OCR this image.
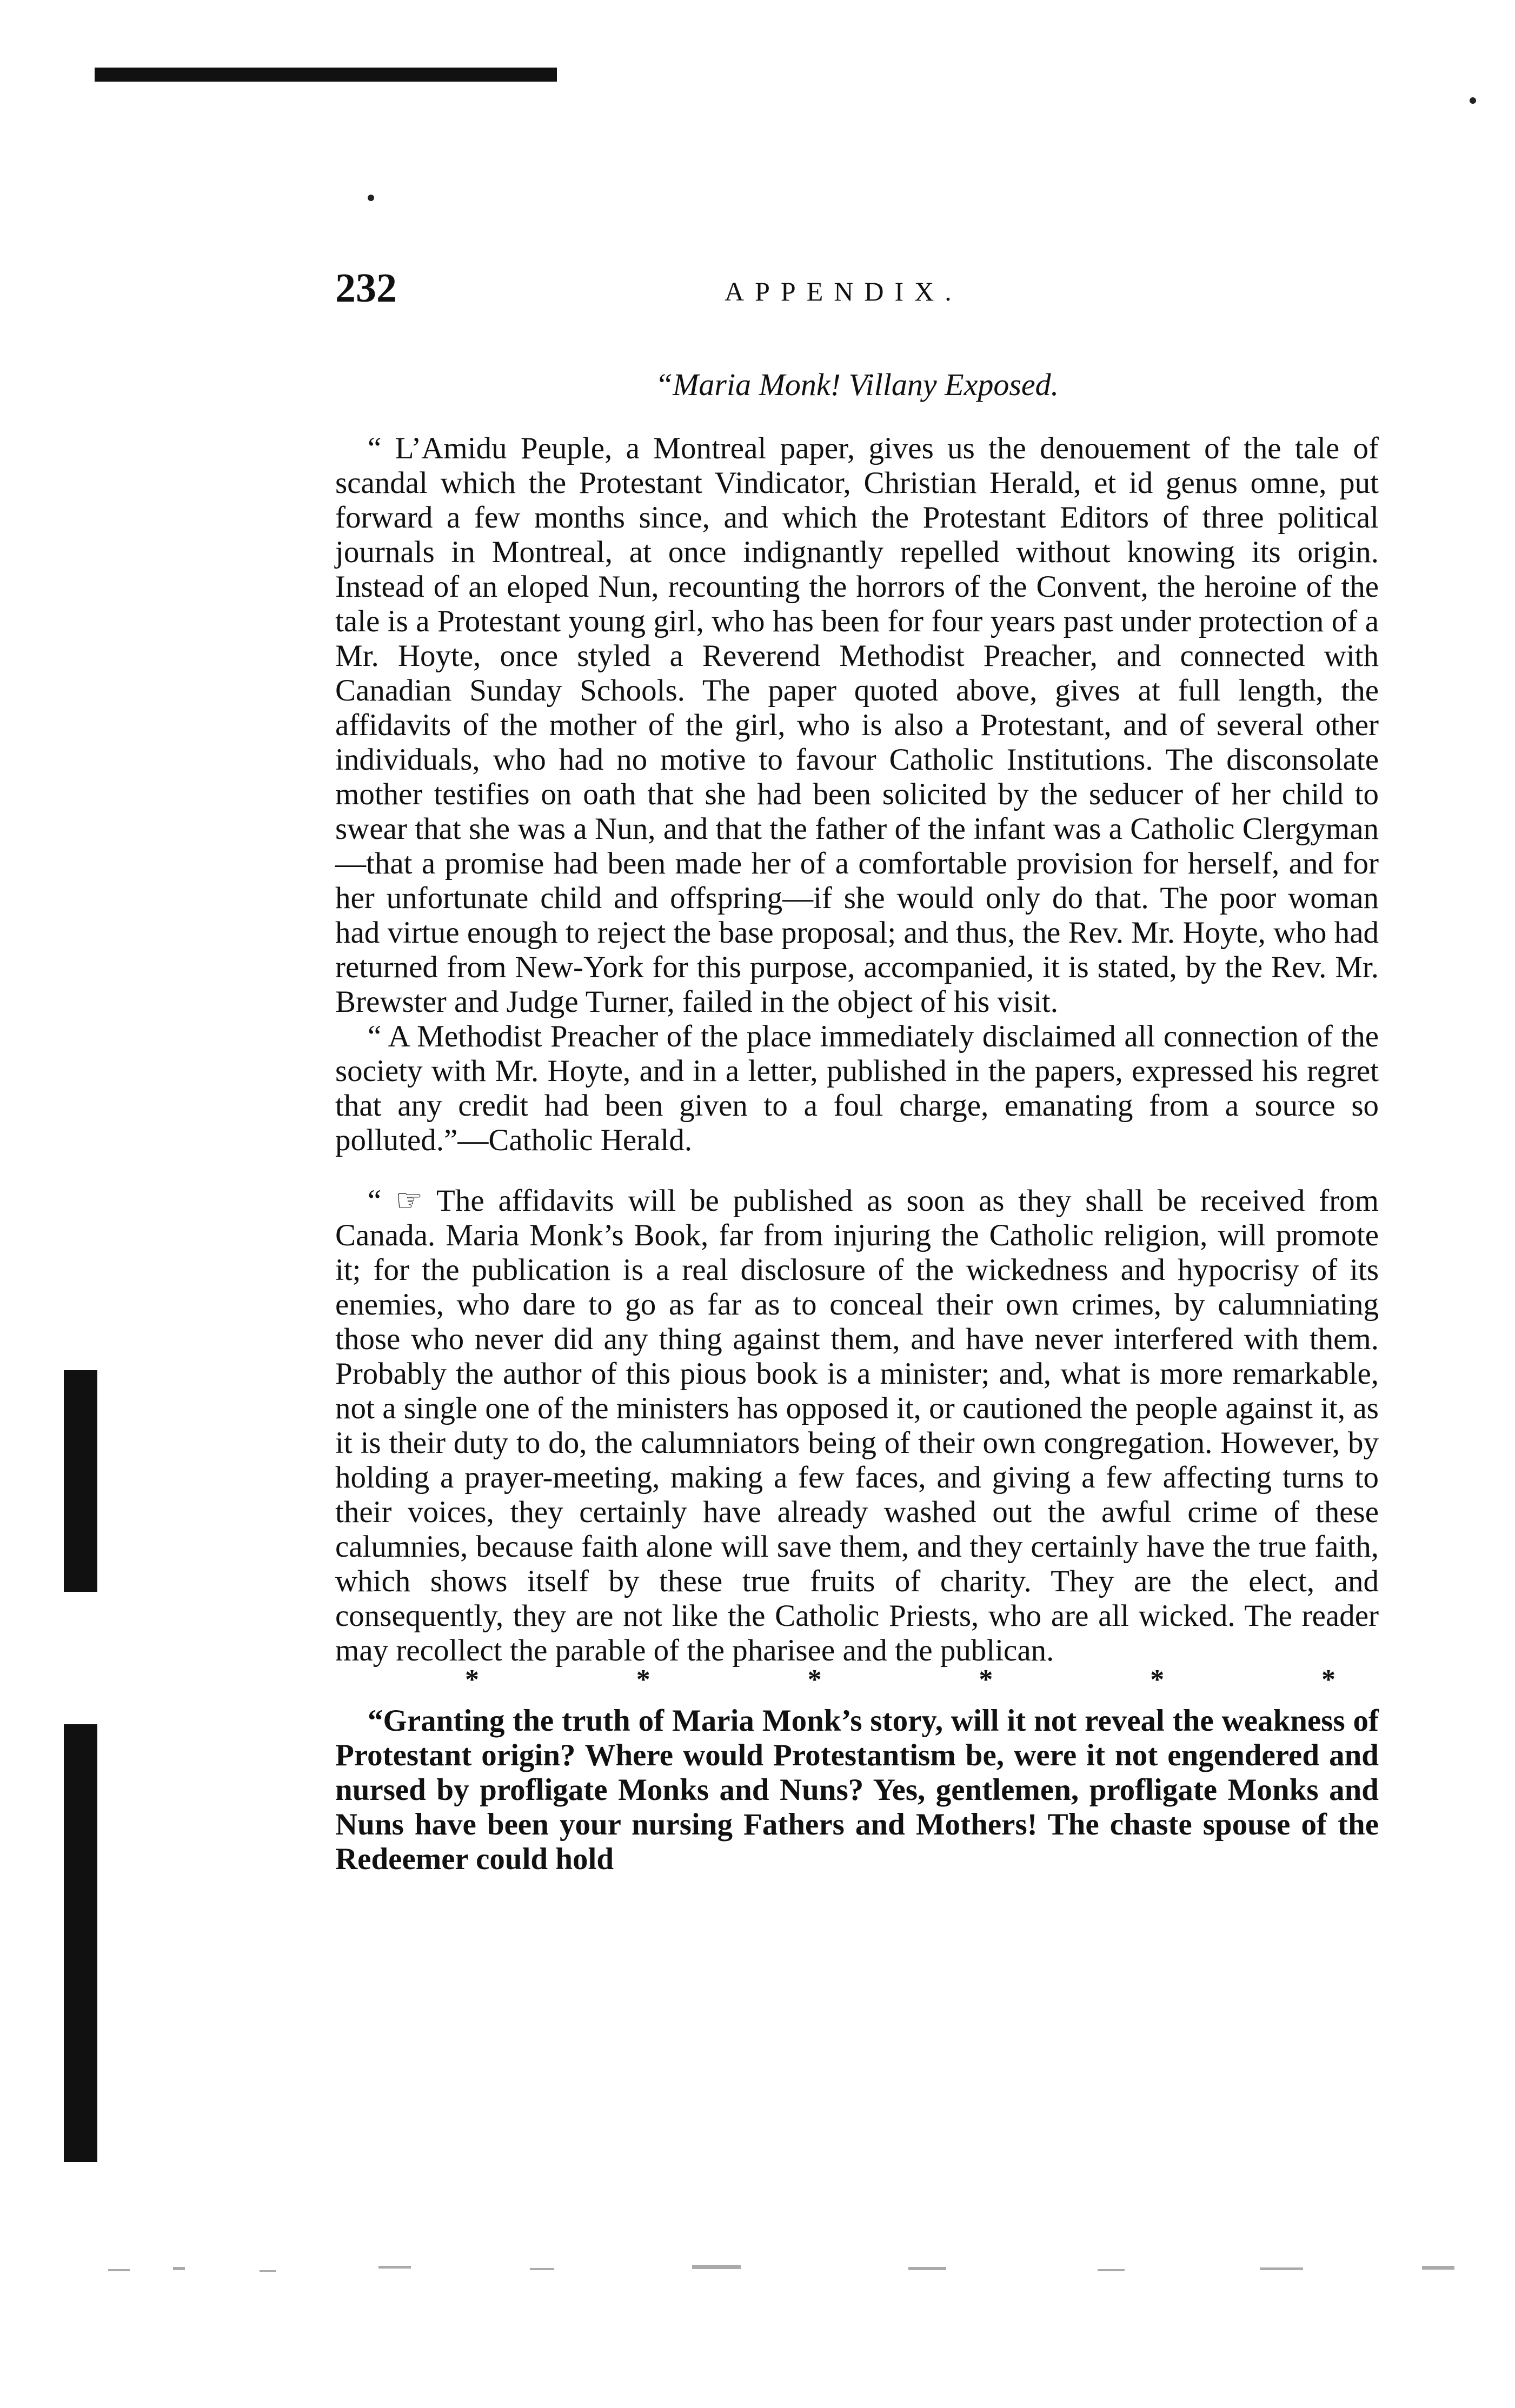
232	APPENDIX.

“Maria Monk! Villany Exposed.

“ L’Amidu Peuple, a Montreal paper, gives us the denouement of the tale of scandal which the Protestant Vindicator, Christian Herald, et id genus omne, put forward a few months since, and which the Protestant Editors of three political journals in Montreal, at once indignantly repelled without knowing its origin. Instead of an eloped Nun, recounting the horrors of the Convent, the heroine of the tale is a Protestant young girl, who has been for four years past under protection of a Mr. Hoyte, once styled a Reverend Methodist Preacher, and connected with Canadian Sunday Schools. The paper quoted above, gives at full length, the affidavits of the mother of the girl, who is also a Protestant, and of several other individuals, who had no motive to favour Catholic Institutions. The disconsolate mother testifies on oath that she had been solicited by the seducer of her child to swear that she was a Nun, and that the father of the infant was a Catholic Clergyman—that a promise had been made her of a comfortable provision for herself, and for her unfortunate child and offspring—if she would only do that. The poor woman had virtue enough to reject the base proposal; and thus, the Rev. Mr. Hoyte, who had returned from New-York for this purpose, accompanied, it is stated, by the Rev. Mr. Brewster and Judge Turner, failed in the object of his visit.

“ A Methodist Preacher of the place immediately disclaimed all connection of the society with Mr. Hoyte, and in a letter, published in the papers, expressed his regret that any credit had been given to a foul charge, emanating from a source so polluted.”—Catholic Herald.

“ ☞ The affidavits will be published as soon as they shall be received from Canada. Maria Monk’s Book, far from injuring the Catholic religion, will promote it; for the publication is a real disclosure of the wickedness and hypocrisy of its enemies, who dare to go as far as to conceal their own crimes, by calumniating those who never did any thing against them, and have never interfered with them. Probably the author of this pious book is a minister; and, what is more remarkable, not a single one of the ministers has opposed it, or cautioned the people against it, as it is their duty to do, the calumniators being of their own congregation. However, by holding a prayer-meeting, making a few faces, and giving a few affecting turns to their voices, they certainly have already washed out the awful crime of these calumnies, because faith alone will save them, and they certainly have the true faith, which shows itself by these true fruits of charity. They are the elect, and consequently, they are not like the Catholic Priests, who are all wicked. The reader may recollect the parable of the pharisee and the publican.

*	*	*	*	*	*

“Granting the truth of Maria Monk’s story, will it not reveal the weakness of Protestant origin? Where would Protestantism be, were it not engendered and nursed by profligate Monks and Nuns? Yes, gentlemen, profligate Monks and Nuns have been your nursing Fathers and Mothers! The chaste spouse of the Redeemer could hold
